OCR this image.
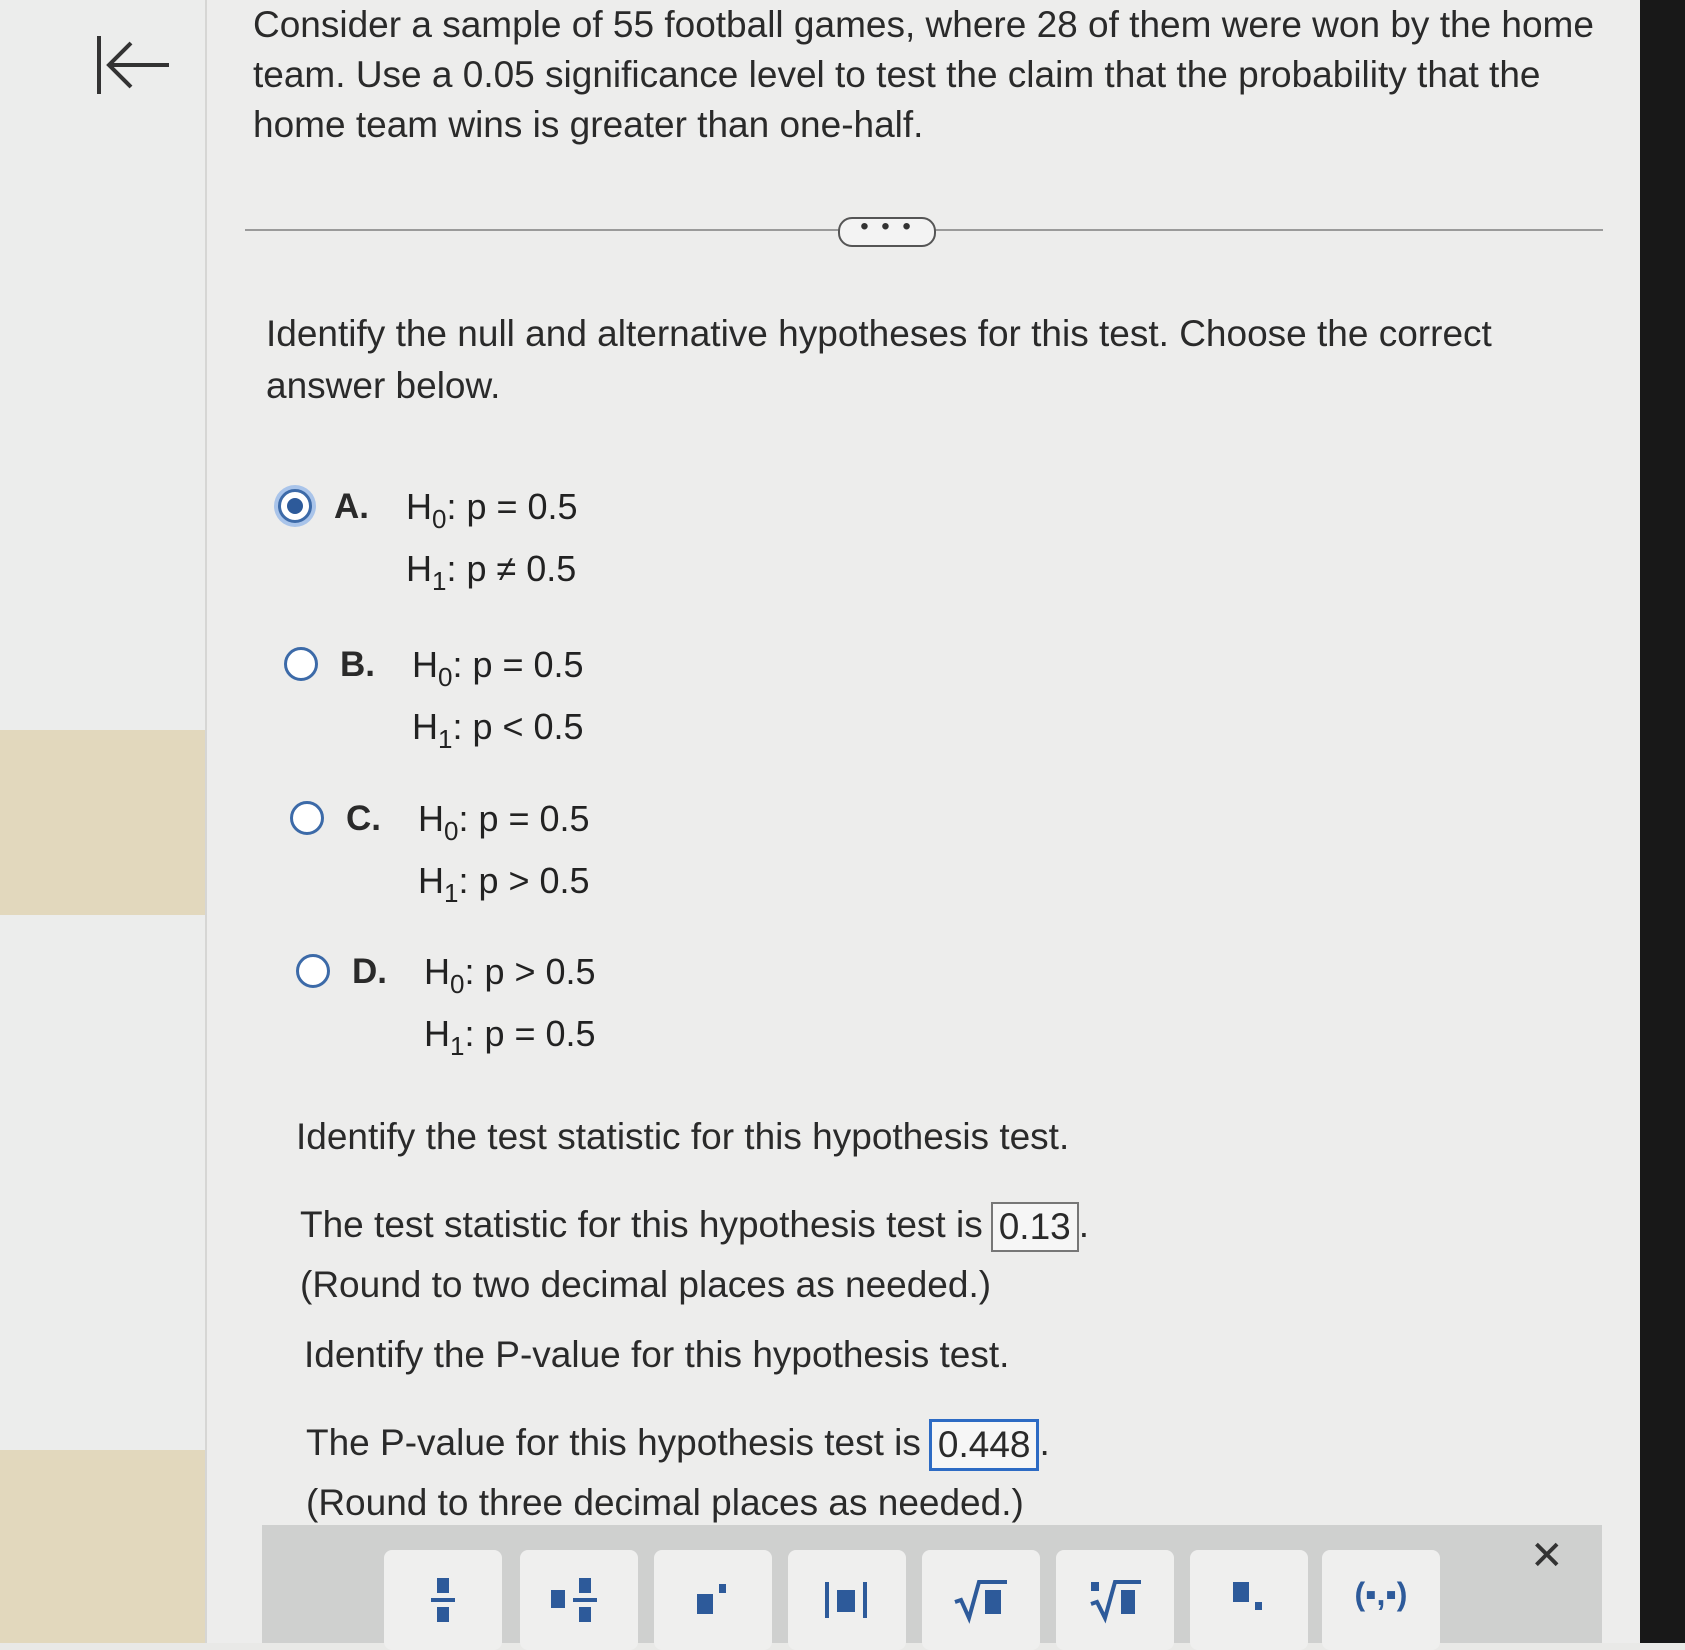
Consider a sample of 55 football games, where 28 of them were won by the home team. Use a 0.05 significance level to test the claim that the probability that the home team wins is greater than one-half.

• • •
Identify the null and alternative hypotheses for this test. Choose the correct
answer below.
A. $H_0$: p = 0.5
$H_1$: p ≠ 0.5
B. $H_0$: p = 0.5
$H_1$: p < 0.5
C. $H_0$: p = 0.5
$H_1$: p > 0.5
D. $H_0$: p > 0.5
$H_1$: p = 0.5
Identify the test statistic for this hypothesis test.
The test statistic for this hypothesis test is 0.13 .
(Round to two decimal places as needed.)
Identify the P-value for this hypothesis test.
The P-value for this hypothesis test is 0.448 .
(Round to three decimal places as needed.)
(▪,▪)
✕
